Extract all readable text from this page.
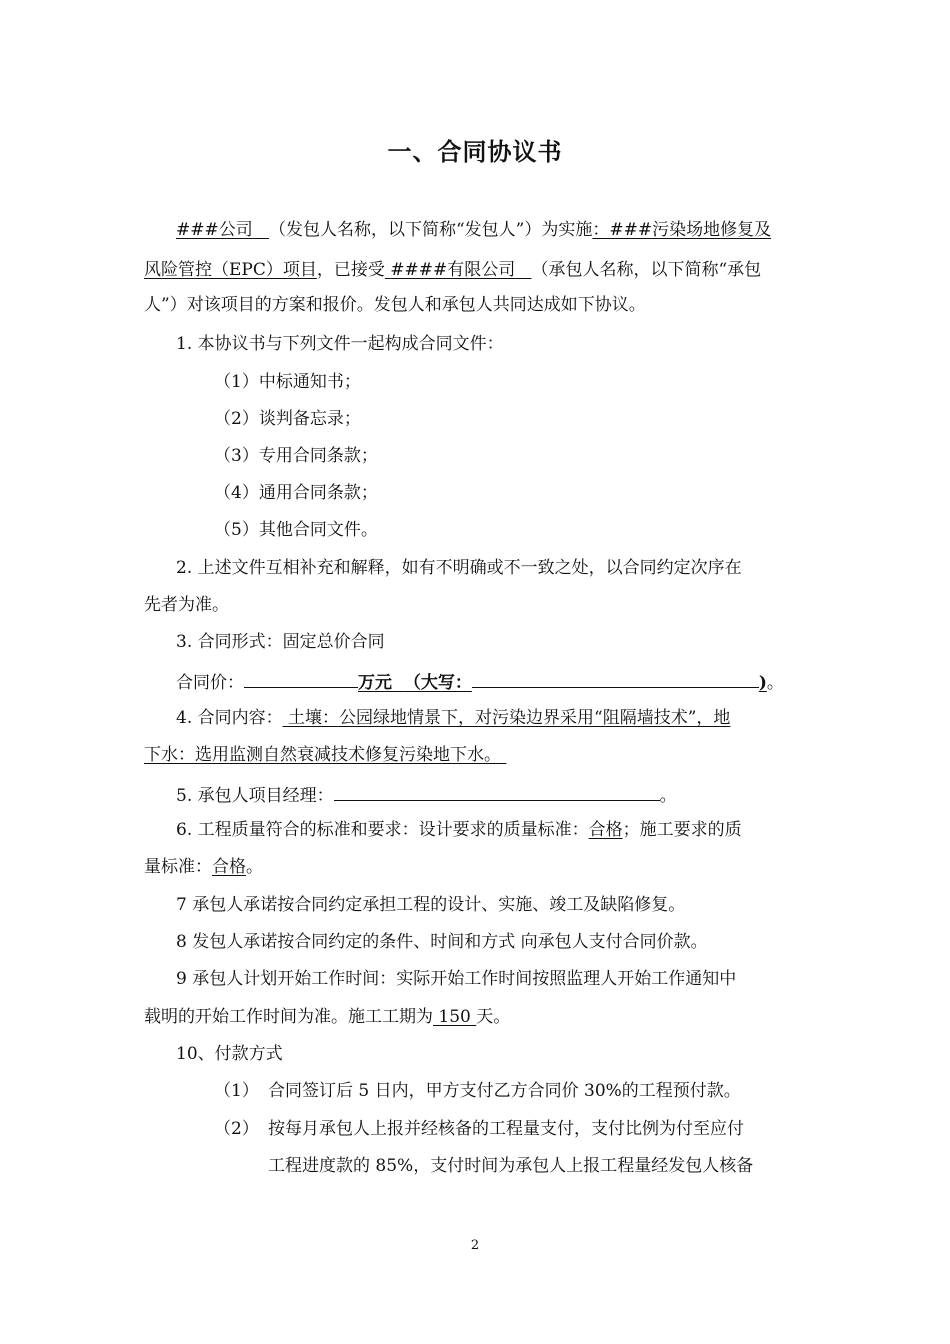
一、合同协议书
###公司 （发包人名称，以下简称“发包人”）为实施：###污染场地修复及
风险管控（EPC）项目，已接受 ####有限公司 （承包人名称，以下简称“承包
人”）对该项目的方案和报价。发包人和承包人共同达成如下协议。
1. 本协议书与下列文件一起构成合同文件：
（1）中标通知书；
（2）谈判备忘录；
（3）专用合同条款；
（4）通用合同条款；
（5）其他合同文件。
2. 上述文件互相补充和解释，如有不明确或不一致之处，以合同约定次序在
先者为准。
3. 合同形式：固定总价合同
合同价：	万元 （大写：	)。
4. 合同内容： 土壤：公园绿地情景下，对污染边界采用“阻隔墙技术”，地
下水：选用监测自然衰减技术修复污染地下水。
5. 承包人项目经理：	。
6. 工程质量符合的标准和要求：设计要求的质量标准：合格；施工要求的质
量标准：合格。
7 承包人承诺按合同约定承担工程的设计、实施、竣工及缺陷修复。
8 发包人承诺按合同约定的条件、时间和方式 向承包人支付合同价款。
9 承包人计划开始工作时间：实际开始工作时间按照监理人开始工作通知中
载明的开始工作时间为准。施工工期为 150 天。
10、付款方式
（1） 合同签订后 5 日内，甲方支付乙方合同价 30%的工程预付款。
（2） 按每月承包人上报并经核备的工程量支付，支付比例为付至应付
工程进度款的 85%，支付时间为承包人上报工程量经发包人核备
2
